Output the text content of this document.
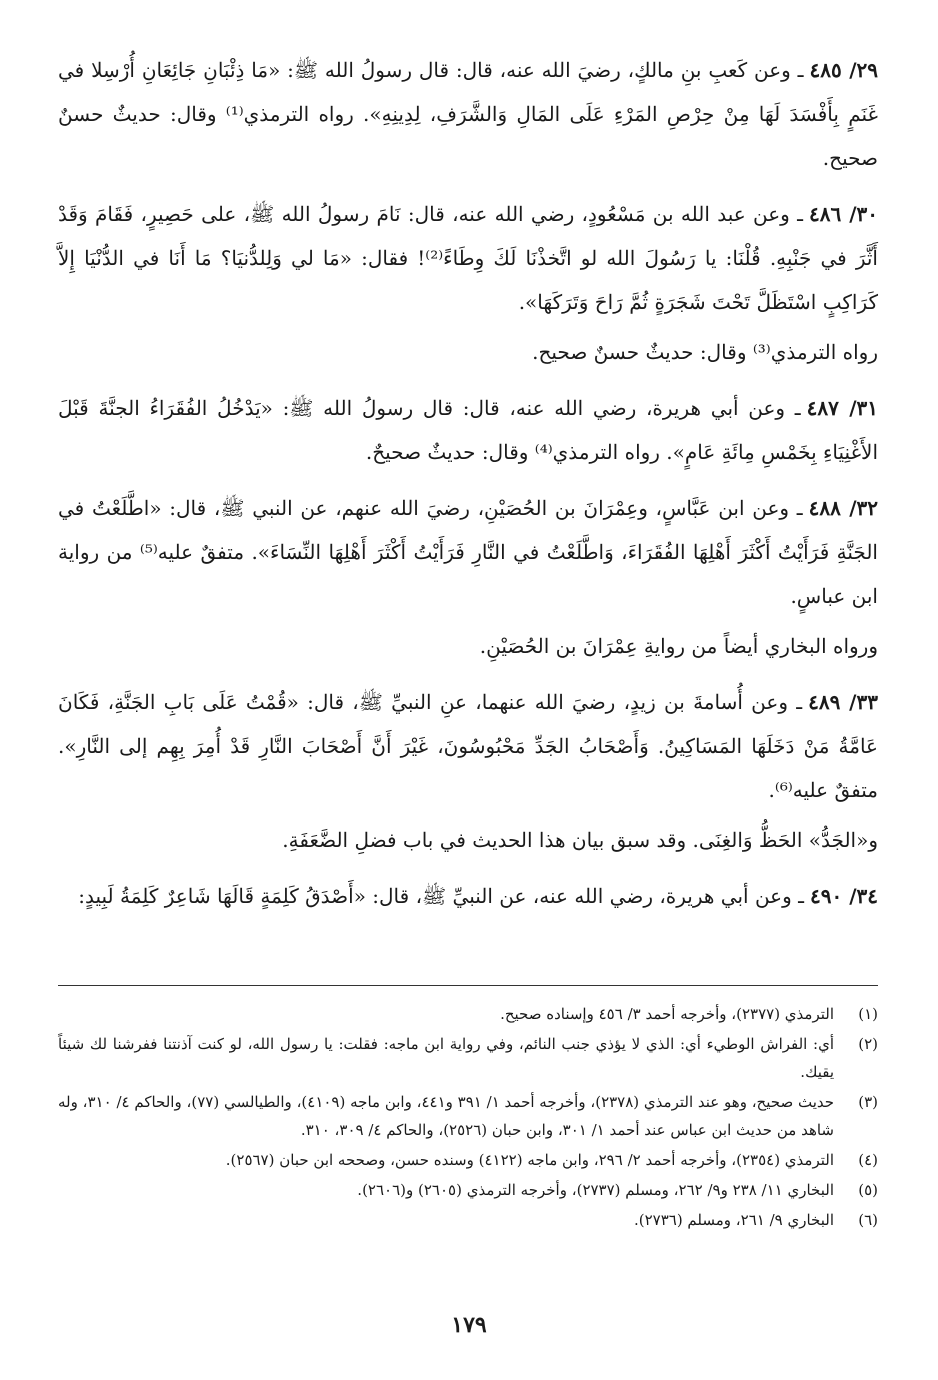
٢٩/ ٤٨٥ـ وعن كَعبِ بنِ مالكٍ، رضيَ الله عنه، قال: قال رسولُ الله ﷺ: «مَا ذِئْبَانِ جَائِعَانِ أُرْسِلا في غَنَمٍ بِأَفْسَدَ لَهَا مِنْ حِرْصِ المَرْءِ عَلَى المَالِ وَالشَّرَفِ، لِدِينِهِ». رواه الترمذي⁽¹⁾ وقال: حديثٌ حسنٌ صحيح.

٣٠/ ٤٨٦ـ وعن عبد الله بن مَسْعُودٍ، رضي الله عنه، قال: نَامَ رسولُ الله ﷺ، على حَصِيرٍ، فَقَامَ وَقَدْ أَثَّرَ في جَنْبِهِ. قُلْنَا: يا رَسُولَ الله لو اتَّخذْنَا لَكَ وِطَاءً⁽²⁾! فقال: «مَا لي وَلِلدُّنيَا؟ مَا أَنَا في الدُّنْيَا إِلاَّ كَرَاكِبٍ اسْتَظَلَّ تَحْتَ شَجَرَةٍ ثُمَّ رَاحَ وَتَرَكَهَا».

رواه الترمذي⁽³⁾ وقال: حديثٌ حسنٌ صحيح.

٣١/ ٤٨٧ـ وعن أبي هريرة، رضي الله عنه، قال: قال رسولُ الله ﷺ: «يَدْخُلُ الفُقَرَاءُ الجنَّةَ قَبْلَ الأَغْنِيَاءِ بِخَمْسِ مِائَةِ عَامٍ». رواه الترمذي⁽⁴⁾ وقال: حديثٌ صحيحٌ.

٣٢/ ٤٨٨ـ وعن ابن عَبَّاسٍ، وعِمْرَانَ بن الحُصَيْنِ، رضيَ الله عنهم، عن النبي ﷺ، قال: «اطَّلَعْتُ في الجَنَّةِ فَرَأَيْتُ أَكْثَرَ أَهْلِهَا الفُقَرَاءَ، وَاطَّلَعْتُ في النَّارِ فَرَأَيْتُ أَكْثَرَ أَهْلِهَا النِّسَاءَ». متفقٌ عليه⁽⁵⁾ من رواية ابن عباسٍ.

ورواه البخاري أيضاً من روايةِ عِمْرَانَ بن الحُصَيْنِ.

٣٣/ ٤٨٩ـ وعن أُسامةَ بن زيدٍ، رضيَ الله عنهما، عنِ النبيِّ ﷺ، قال: «قُمْتُ عَلَى بَابِ الجَنَّةِ، فَكَانَ عَامَّةُ مَنْ دَخَلَهَا المَسَاكِينُ. وَأَصْحَابُ الجَدِّ مَحْبُوسُونَ، غَيْرَ أَنَّ أَصْحَابَ النَّارِ قَدْ أُمِرَ بِهِم إلى النَّارِ». متفقٌ عليه⁽⁶⁾.

و«الجَدُّ» الحَظُّ وَالغِنَى. وقد سبق بيان هذا الحديث في باب فضلِ الضَّعَفَةِ.

٣٤/ ٤٩٠ـ وعن أبي هريرة، رضي الله عنه، عن النبيِّ ﷺ، قال: «أَصْدَقُ كَلِمَةٍ قَالَهَا شَاعِرٌ كَلِمَةُ لَبِيدٍ:

(١)
الترمذي (٢٣٧٧)، وأخرجه أحمد ٣/ ٤٥٦ وإسناده صحيح.
(٢)
أي: الفراش الوطيء أي: الذي لا يؤذي جنب النائم، وفي رواية ابن ماجه: فقلت: يا رسول الله، لو كنت آذنتنا ففرشنا لك شيئاً يقيك.
(٣)
حديث صحيح، وهو عند الترمذي (٢٣٧٨)، وأخرجه أحمد ١/ ٣٩١ و٤٤١، وابن ماجه (٤١٠٩)، والطيالسي (٧٧)، والحاكم ٤/ ٣١٠، وله شاهد من حديث ابن عباس عند أحمد ١/ ٣٠١، وابن حبان (٢٥٢٦)، والحاكم ٤/ ٣٠٩، ٣١٠.
(٤)
الترمذي (٢٣٥٤)، وأخرجه أحمد ٢/ ٢٩٦، وابن ماجه (٤١٢٢) وسنده حسن، وصححه ابن حبان (٢٥٦٧).
(٥)
البخاري ١١/ ٢٣٨ و٩/ ٢٦٢، ومسلم (٢٧٣٧)، وأخرجه الترمذي (٢٦٠٥) و(٢٦٠٦).
(٦)
البخاري ٩/ ٢٦١، ومسلم (٢٧٣٦).
١٧٩
